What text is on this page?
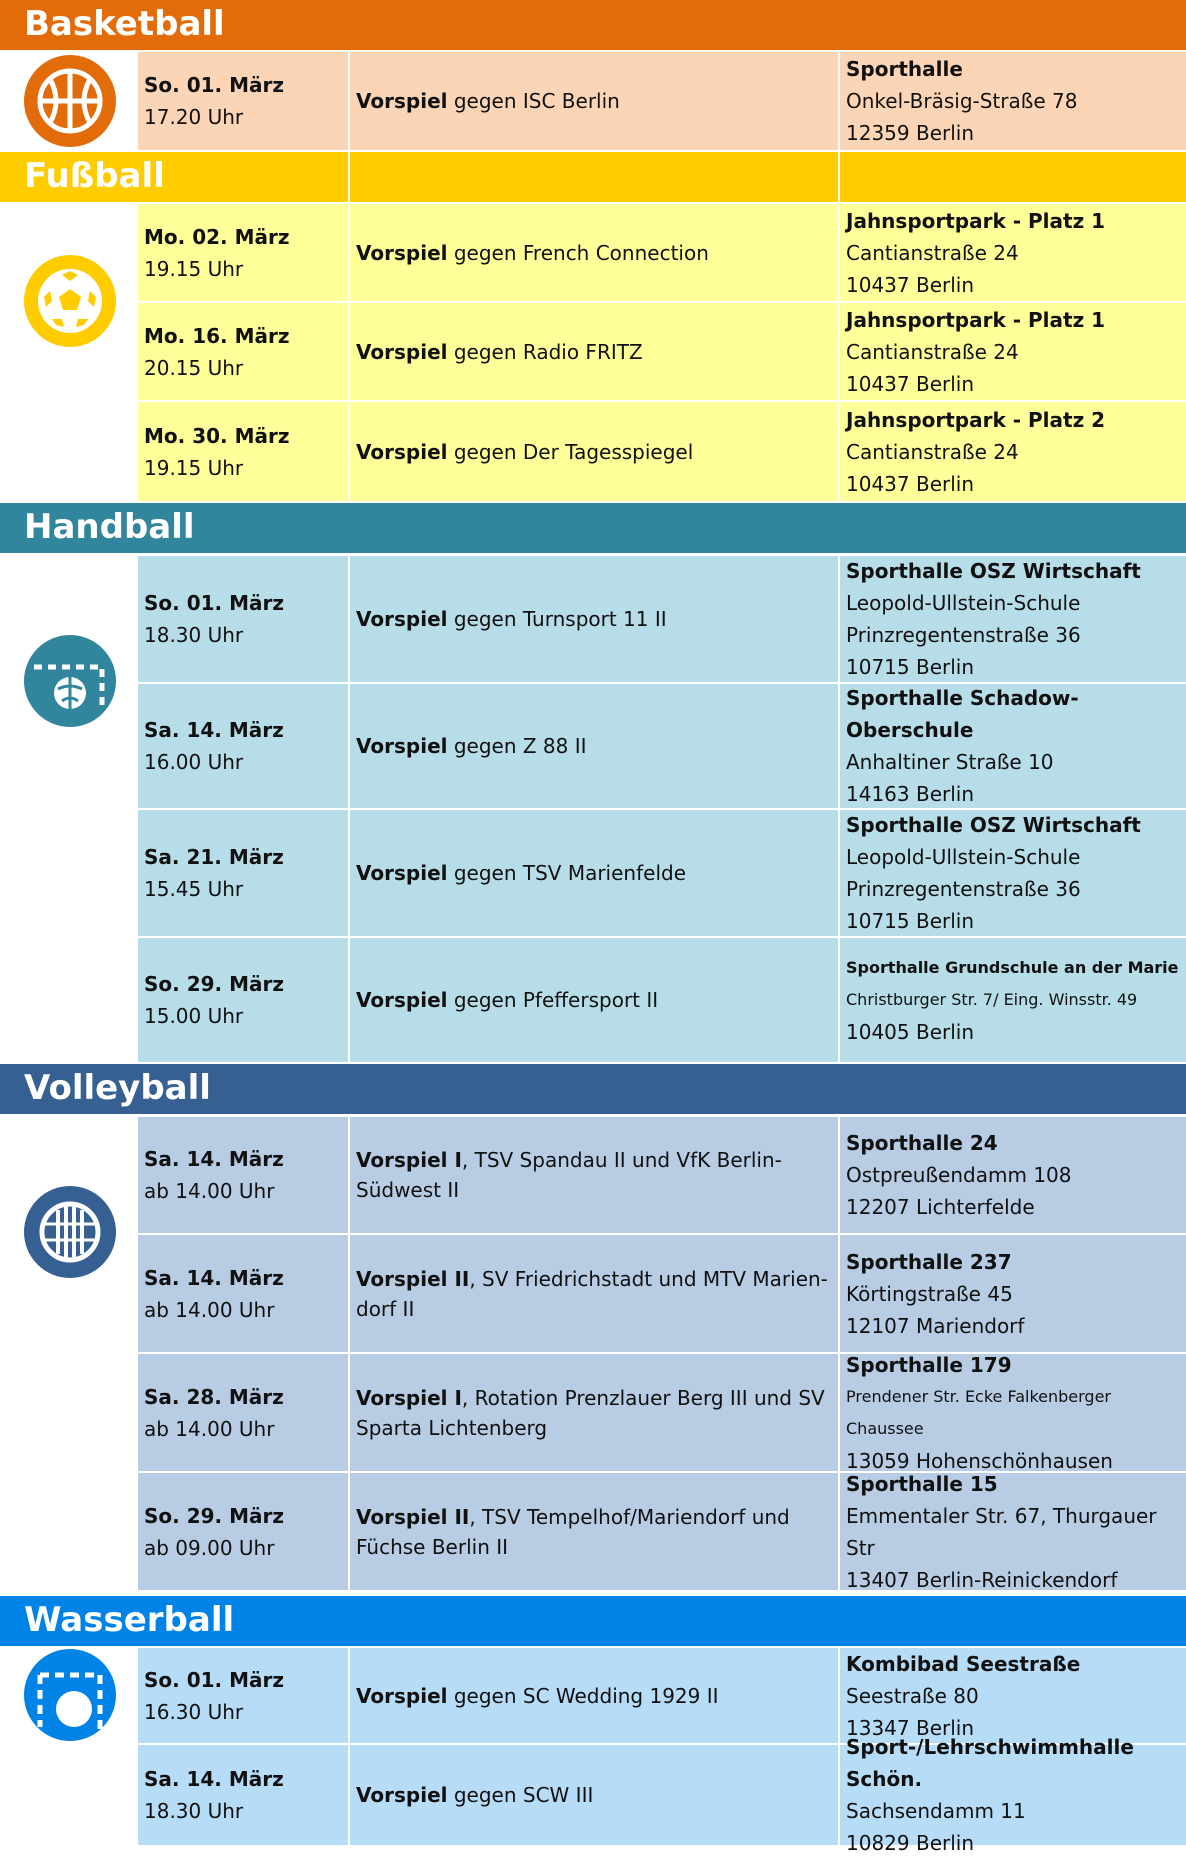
Basketball
So. 01. März
17.20 Uhr
Vorspiel gegen ISC Berlin
Sporthalle
Onkel-Bräsig-Straße 78
12359 Berlin
Fußball
Mo. 02. März
19.15 Uhr
Vorspiel gegen French Connection
Jahnsportpark - Platz 1
Cantianstraße 24
10437 Berlin
Mo. 16. März
20.15 Uhr
Vorspiel gegen Radio FRITZ
Jahnsportpark - Platz 1
Cantianstraße 24
10437 Berlin
Mo. 30. März
19.15 Uhr
Vorspiel gegen Der Tagesspiegel
Jahnsportpark - Platz 2
Cantianstraße 24
10437 Berlin
Handball
So. 01. März
18.30 Uhr
Vorspiel gegen Turnsport 11 II
Sporthalle OSZ Wirtschaft
Leopold-Ullstein-Schule
Prinzregentenstraße 36
10715 Berlin
Sa. 14. März
16.00 Uhr
Vorspiel gegen Z 88 II
Sporthalle Schadow-Oberschule
Anhaltiner Straße 10
14163 Berlin
Sa. 21. März
15.45 Uhr
Vorspiel gegen TSV Marienfelde
Sporthalle OSZ Wirtschaft
Leopold-Ullstein-Schule
Prinzregentenstraße 36
10715 Berlin
So. 29. März
15.00 Uhr
Vorspiel gegen Pfeffersport II
Sporthalle Grundschule an der Marie
Christburger Str. 7/ Eing. Winsstr. 49
10405 Berlin
Volleyball
Sa. 14. März
ab 14.00 Uhr
Vorspiel I, TSV Spandau II und VfK Berlin-Südwest II
Sporthalle 24
Ostpreußendamm 108
12207 Lichterfelde
Sa. 14. März
ab 14.00 Uhr
Vorspiel II, SV Friedrichstadt und MTV Marien-dorf II
Sporthalle 237
Körtingstraße 45
12107 Mariendorf
Sa. 28. März
ab 14.00 Uhr
Vorspiel I, Rotation Prenzlauer Berg III und SV Sparta Lichtenberg
Sporthalle 179
Prendener Str. Ecke Falkenberger Chaussee
13059 Hohenschönhausen
So. 29. März
ab 09.00 Uhr
Vorspiel II, TSV Tempelhof/Mariendorf und Füchse Berlin II
Sporthalle 15
Emmentaler Str. 67, Thurgauer Str
13407 Berlin-Reinickendorf
Wasserball
So. 01. März
16.30 Uhr
Vorspiel gegen SC Wedding 1929 II
Kombibad Seestraße
Seestraße 80
13347 Berlin
Sa. 14. März
18.30 Uhr
Vorspiel gegen SCW III
Sport-/Lehrschwimmhalle Schön.
Sachsendamm 11
10829 Berlin
